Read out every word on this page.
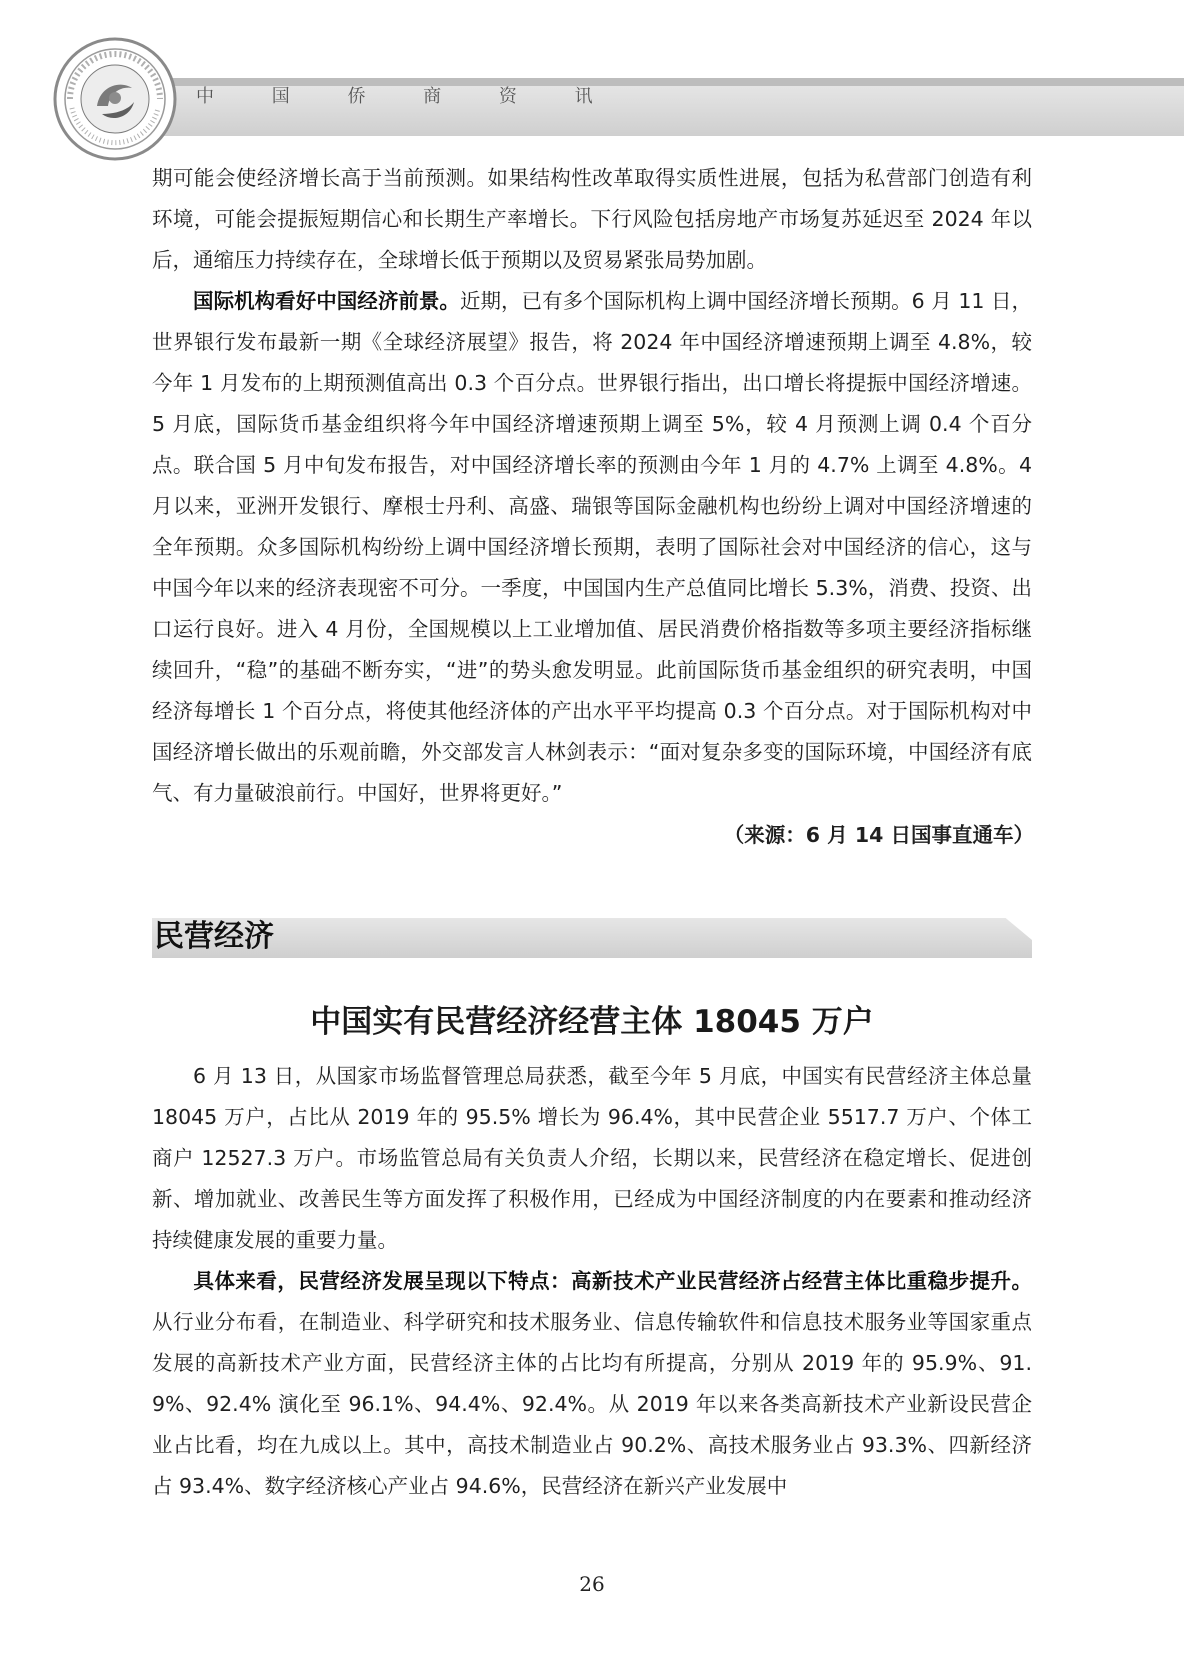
中 国 侨 商 资 讯

期可能会使经济增长高于当前预测。如果结构性改革取得实质性进展，包括为私营部门创造有利环境，可能会提振短期信心和长期生产率增长。下行风险包括房地产市场复苏延迟至 2024 年以后，通缩压力持续存在，全球增长低于预期以及贸易紧张局势加剧。

国际机构看好中国经济前景。近期，已有多个国际机构上调中国经济增长预期。6 月 11 日，世界银行发布最新一期《全球经济展望》报告，将 2024 年中国经济增速预期上调至 4.8%，较今年 1 月发布的上期预测值高出 0.3 个百分点。世界银行指出，出口增长将提振中国经济增速。5 月底，国际货币基金组织将今年中国经济增速预期上调至 5%，较 4 月预测上调 0.4 个百分点。联合国 5 月中旬发布报告，对中国经济增长率的预测由今年 1 月的 4.7% 上调至 4.8%。4 月以来，亚洲开发银行、摩根士丹利、高盛、瑞银等国际金融机构也纷纷上调对中国经济增速的全年预期。众多国际机构纷纷上调中国经济增长预期，表明了国际社会对中国经济的信心，这与中国今年以来的经济表现密不可分。一季度，中国国内生产总值同比增长 5.3%，消费、投资、出口运行良好。进入 4 月份，全国规模以上工业增加值、居民消费价格指数等多项主要经济指标继续回升，“稳”的基础不断夯实，“进”的势头愈发明显。此前国际货币基金组织的研究表明，中国经济每增长 1 个百分点，将使其他经济体的产出水平平均提高 0.3 个百分点。对于国际机构对中国经济增长做出的乐观前瞻，外交部发言人林剑表示：“面对复杂多变的国际环境，中国经济有底气、有力量破浪前行。中国好，世界将更好。”

（来源：6 月 14 日国事直通车）
民营经济
中国实有民营经济经营主体 18045 万户

6 月 13 日，从国家市场监督管理总局获悉，截至今年 5 月底，中国实有民营经济主体总量 18045 万户，占比从 2019 年的 95.5% 增长为 96.4%，其中民营企业 5517.7 万户、个体工商户 12527.3 万户。市场监管总局有关负责人介绍，长期以来，民营经济在稳定增长、促进创新、增加就业、改善民生等方面发挥了积极作用，已经成为中国经济制度的内在要素和推动经济持续健康发展的重要力量。

具体来看，民营经济发展呈现以下特点：高新技术产业民营经济占经营主体比重稳步提升。从行业分布看，在制造业、科学研究和技术服务业、信息传输软件和信息技术服务业等国家重点发展的高新技术产业方面，民营经济主体的占比均有所提高，分别从 2019 年的 95.9%、91.9%、92.4% 演化至 96.1%、94.4%、92.4%。从 2019 年以来各类高新技术产业新设民营企业占比看，均在九成以上。其中，高技术制造业占 90.2%、高技术服务业占 93.3%、四新经济占 93.4%、数字经济核心产业占 94.6%，民营经济在新兴产业发展中

26
